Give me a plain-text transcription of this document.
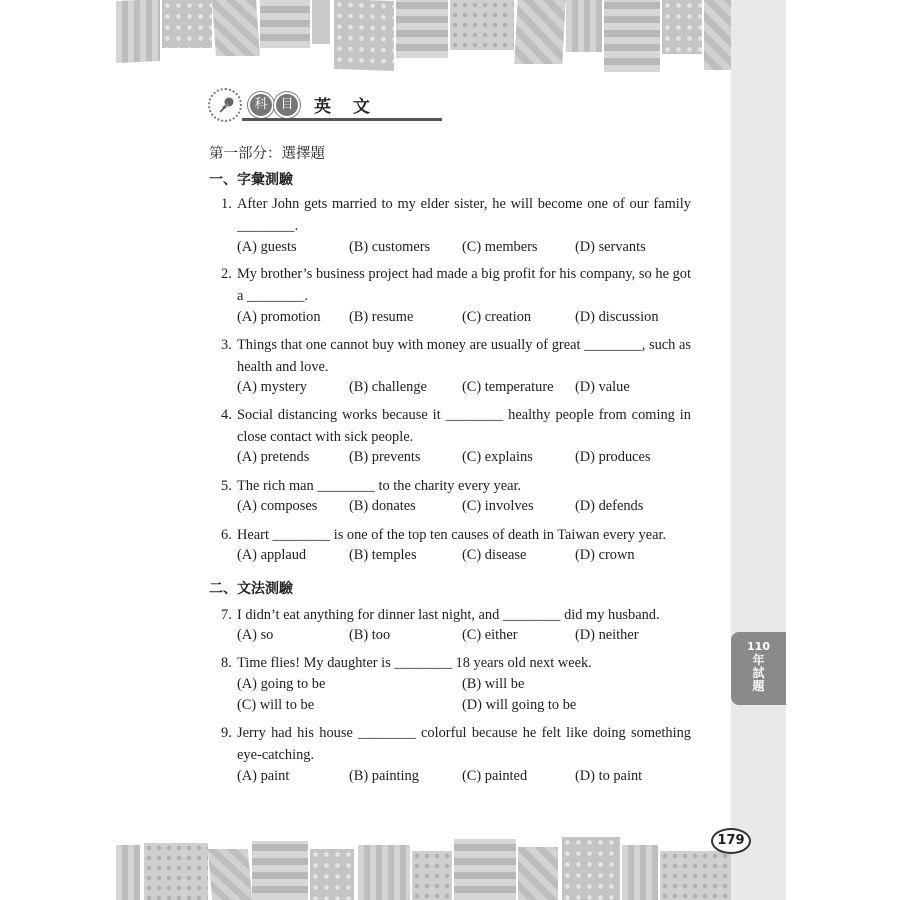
科 目	英 文
第一部分：選擇題
一、字彙測驗
1. After John gets married to my elder sister, he will become one of our family ________.
(A) guests	(B) customers (C) members	(D) servants
2. My brother’s business project had made a big profit for his company, so he got a ________.
(A) promotion (B) resume	(C) creation	(D) discussion
3. Things that one cannot buy with money are usually of great ________, such as health and love.
(A) mystery	(B) challenge (C) temperature (D) value
4. Social distancing works because it ________ healthy people from coming in close contact with sick people.
(A) pretends	(B) prevents	(C) explains	(D) produces
5. The rich man ________ to the charity every year.
(A) composes (B) donates	(C) involves	(D) defends
6. Heart ________ is one of the top ten causes of death in Taiwan every year.
(A) applaud	(B) temples	(C) disease	(D) crown
二、文法測驗
7. I didn’t eat anything for dinner last night, and ________ did my husband.
(A) so	(B) too	(C) either	(D) neither
8. Time flies! My daughter is ________ 18 years old next week.
(A) going to be	(B) will be
(C) will to be	(D) will going to be
9. Jerry had his house ________ colorful because he felt like doing something eye-catching.
(A) paint	(B) painting	(C) painted	(D) to paint
110
年
試
題
179
